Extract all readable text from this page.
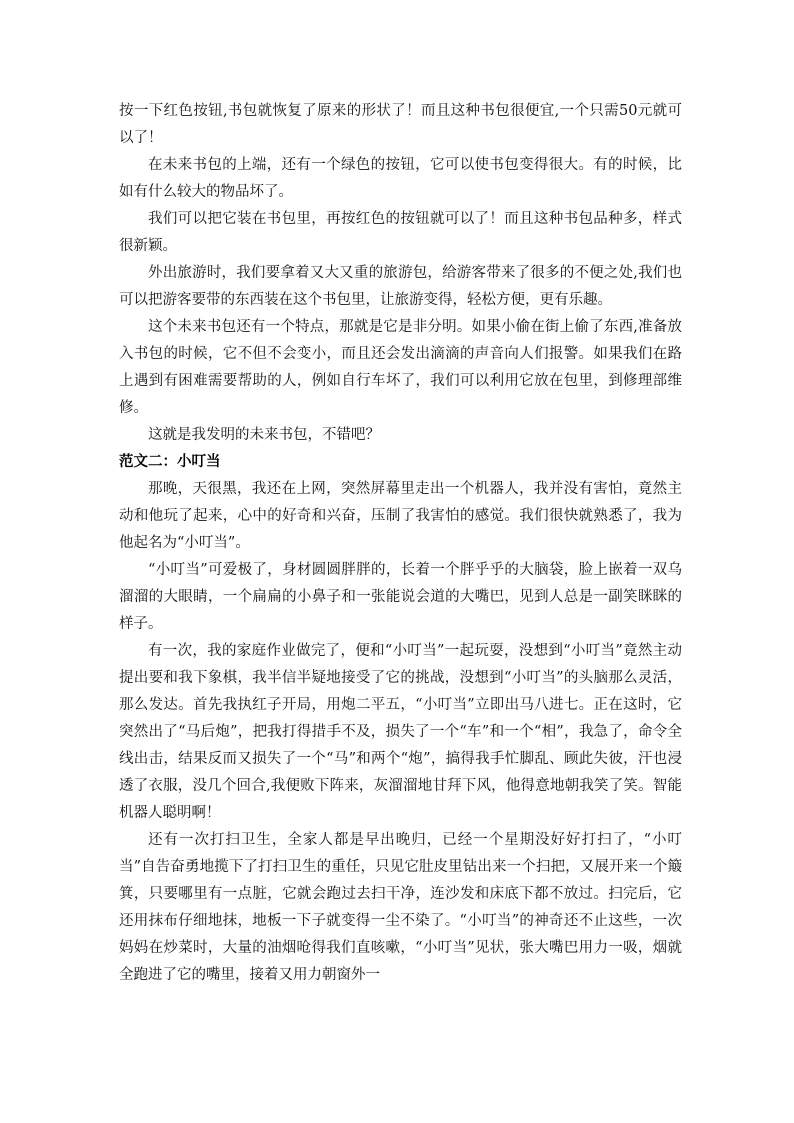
按一下红色按钮,书包就恢复了原来的形状了！而且这种书包很便宜,一个只需50元就可以了！

在未来书包的上端，还有一个绿色的按钮，它可以使书包变得很大。有的时候，比如有什么较大的物品坏了。

我们可以把它装在书包里，再按红色的按钮就可以了！而且这种书包品种多，样式很新颖。

外出旅游时，我们要拿着又大又重的旅游包，给游客带来了很多的不便之处,我们也可以把游客要带的东西装在这个书包里，让旅游变得，轻松方便，更有乐趣。

这个未来书包还有一个特点，那就是它是非分明。如果小偷在街上偷了东西,准备放入书包的时候，它不但不会变小，而且还会发出滴滴的声音向人们报警。如果我们在路上遇到有困难需要帮助的人，例如自行车坏了，我们可以利用它放在包里，到修理部维修。

这就是我发明的未来书包，不错吧？

范文二：小叮当

那晚，天很黑，我还在上网，突然屏幕里走出一个机器人，我并没有害怕，竟然主动和他玩了起来，心中的好奇和兴奋，压制了我害怕的感觉。我们很快就熟悉了，我为他起名为“小叮当”。

“小叮当”可爱极了，身材圆圆胖胖的，长着一个胖乎乎的大脑袋，脸上嵌着一双乌溜溜的大眼睛，一个扁扁的小鼻子和一张能说会道的大嘴巴，见到人总是一副笑眯眯的样子。

有一次，我的家庭作业做完了，便和“小叮当”一起玩耍，没想到“小叮当”竟然主动提出要和我下象棋，我半信半疑地接受了它的挑战，没想到“小叮当”的头脑那么灵活，那么发达。首先我执红子开局，用炮二平五，“小叮当”立即出马八进七。正在这时，它突然出了“马后炮”，把我打得措手不及，损失了一个“车”和一个“相”，我急了，命令全线出击，结果反而又损失了一个“马”和两个“炮”，搞得我手忙脚乱、顾此失彼，汗也浸透了衣服，没几个回合,我便败下阵来，灰溜溜地甘拜下风，他得意地朝我笑了笑。智能机器人聪明啊！

还有一次打扫卫生，全家人都是早出晚归，已经一个星期没好好打扫了，“小叮当”自告奋勇地揽下了打扫卫生的重任，只见它肚皮里钻出来一个扫把，又展开来一个簸箕，只要哪里有一点脏，它就会跑过去扫干净，连沙发和床底下都不放过。扫完后，它还用抹布仔细地抹，地板一下子就变得一尘不染了。“小叮当”的神奇还不止这些，一次妈妈在炒菜时，大量的油烟呛得我们直咳嗽，“小叮当”见状，张大嘴巴用力一吸，烟就全跑进了它的嘴里，接着又用力朝窗外一
